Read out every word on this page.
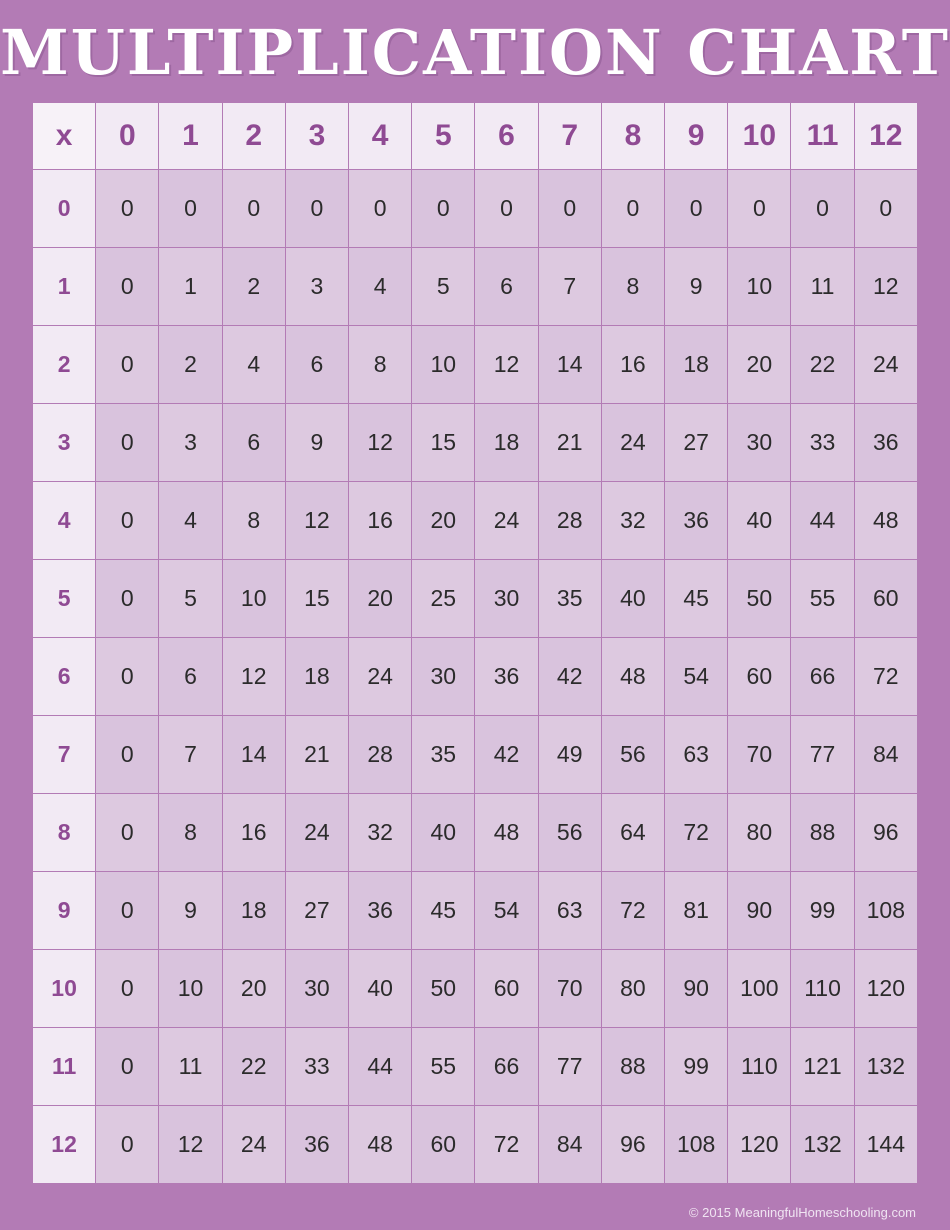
MULTIPLICATION CHART
x	0	1	2	3	4	5	6	7	8	9	10	11	12
0	0	0	0	0	0	0	0	0	0	0	0	0	0
1	0	1	2	3	4	5	6	7	8	9	10	11	12
2	0	2	4	6	8	10	12	14	16	18	20	22	24
3	0	3	6	9	12	15	18	21	24	27	30	33	36
4	0	4	8	12	16	20	24	28	32	36	40	44	48
5	0	5	10	15	20	25	30	35	40	45	50	55	60
6	0	6	12	18	24	30	36	42	48	54	60	66	72
7	0	7	14	21	28	35	42	49	56	63	70	77	84
8	0	8	16	24	32	40	48	56	64	72	80	88	96
9	0	9	18	27	36	45	54	63	72	81	90	99	108
10	0	10	20	30	40	50	60	70	80	90	100	110	120
11	0	11	22	33	44	55	66	77	88	99	110	121	132
12	0	12	24	36	48	60	72	84	96	108	120	132	144
© 2015 MeaningfulHomeschooling.com
